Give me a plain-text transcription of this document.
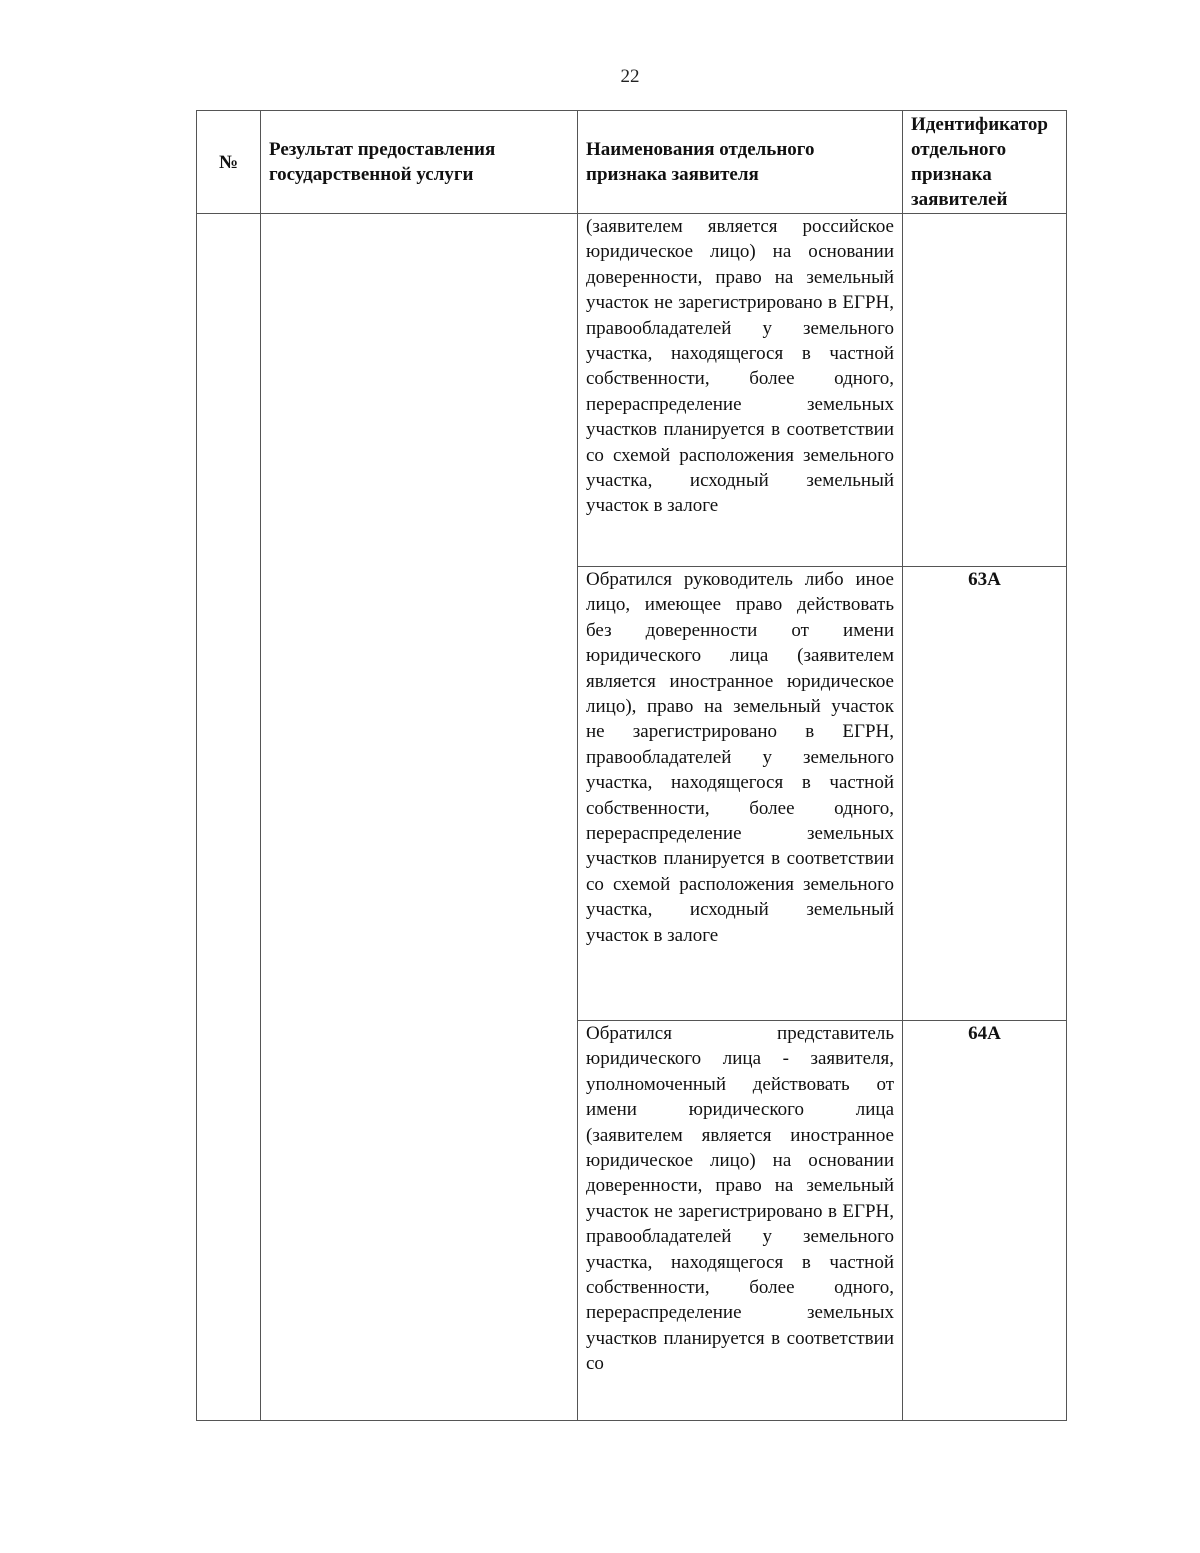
22
№	Результат предоставления государственной услуги	Наименования отдельного признака заявителя	Идентификатор отдельного признака заявителей
		(заявителем является российское юридическое лицо) на основании доверенности, право на земельный участок не зарегистрировано в ЕГРН, правообладателей у земельного участка, находящегося в частной собственности, более одного, перераспределение земельных участков планируется в соответствии со схемой расположения земельного участка, исходный земельный участок в залоге	
		Обратился руководитель либо иное лицо, имеющее право действовать без доверенности от имени юридического лица (заявителем является иностранное юридическое лицо), право на земельный участок не зарегистрировано в ЕГРН, правообладателей у земельного участка, находящегося в частной собственности, более одного, перераспределение земельных участков планируется в соответствии со схемой расположения земельного участка, исходный земельный участок в залоге	63А
		Обратился представитель юридического лица - заявителя, уполномоченный действовать от имени юридического лица (заявителем является иностранное юридическое лицо) на основании доверенности, право на земельный участок не зарегистрировано в ЕГРН, правообладателей у земельного участка, находящегося в частной собственности, более одного, перераспределение земельных участков планируется в соответствии со	64А
